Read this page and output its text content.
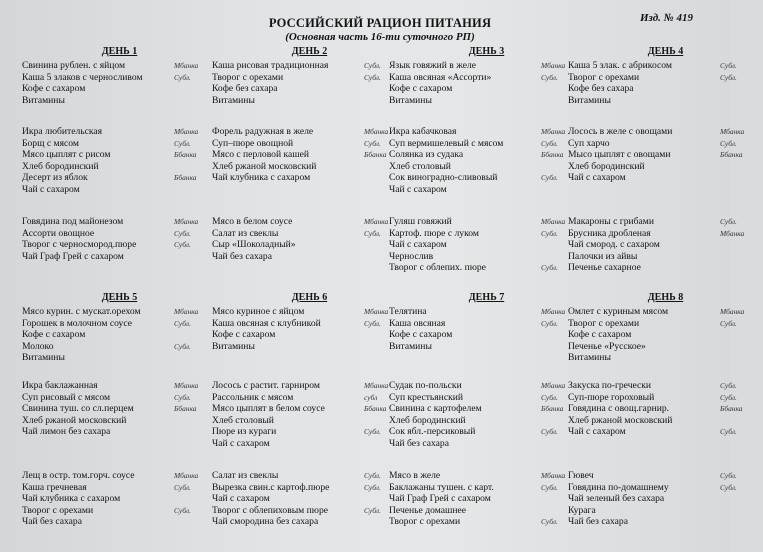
РОССИЙСКИЙ РАЦИОН ПИТАНИЯ
(Основная часть 16-ти суточного РП)
Изд. № 419
ДЕНЬ 1
Свинина рублен. с яйцом	Мбанка
Каша 5 злаков с черносливом	Субл.
Кофе с сахаром
Витамины
Икра любительская	Мбанка
Борщ с мясом	Субл.
Мясо цыплят с рисом	Ббанка
Хлеб бородинский
Десерт из яблок	Ббанка
Чай с сахаром
Говядина под майонезом	Мбанка
Ассорти овощное	Субл.
Творог с черносмород.пюре	Субл.
Чай Граф Грей с сахаром
ДЕНЬ 2
Каша рисовая традиционная	Субл.
Творог с орехами	Субл.
Кофе без сахара
Витамины
Форель радужная в желе	Мбанка
Суп–пюре овощной	Субл.
Мясо с перловой кашей	Ббанка
Хлеб ржаной московский
Чай клубника с сахаром
Мясо в белом соусе	Мбанка
Салат из свеклы	Субл.
Сыр «Шоколадный»
Чай без сахара
ДЕНЬ 3
Язык говяжий в желе	Мбанка
Каша овсяная «Ассорти»	Субл.
Кофе с сахаром
Витамины
Икра кабачковая	Мбанка
Суп вермишелевый с мясом	Субл.
Солянка из судака	Ббанка
Хлеб столовый
Сок виноградно-сливовый	Субл.
Чай с сахаром
Гуляш говяжий	Мбанка
Картоф. пюре с луком	Субл.
Чай с сахаром
Чернослив
Творог с облепих. пюре	Субл.
ДЕНЬ 4
Каша 5 злак. с абрикосом	Субл.
Творог с орехами	Субл.
Кофе без сахара
Витамины
Лосось в желе с овощами	Мбанка
Суп харчо	Субл.
Мысо цыплят с овощами	Ббанка
Хлеб бородинский
Чай с сахаром
Макароны с грибами	Субл.
Брусника дробленая	Мбанка
Чай смород. с сахаром
Палочки из айвы
Печенье сахарное
ДЕНЬ 5
Мясо курин. с мускат.орехом	Мбанка
Горошек в молочном соусе	Субл.
Кофе с сахаром
Молоко	Субл.
Витамины
Икра баклажанная	Мбанка
Суп рисовый с мясом	Субл.
Свинина туш. со сл.перцем	Ббанка
Хлеб ржаной московский
Чай лимон без сахара
Лещ в остр. том.горч. соусе	Мбанка
Каша гречневая	Субл.
Чай клубника с сахаром
Творог с орехами	Субл.
Чай без сахара
ДЕНЬ 6
Мясо куриное с яйцом	Мбанка
Каша овсяная с клубникой	Субл.
Кофе с сахаром
Витамины
Лосось с растит. гарниром	Мбанка
Рассольник с мясом	субл
Мясо цыплят в белом соусе	Ббанка
Хлеб столовый
Пюре из кураги	Субл.
Чай с сахаром
Салат из свеклы	Субл.
Вырезка свин.с картоф.пюре	Субл.
Чай с сахаром
Творог с облепиховым пюре	Субл.
Чай смородина без сахара
ДЕНЬ 7
Телятина	Мбанка
Каша овсяная	Субл.
Кофе с сахаром
Витамины
Судак по-польски	Мбанка
Суп крестьянский	Субл.
Свинина с картофелем	Ббанка
Хлеб бородинский
Сок ябл.-персиковый	Субл.
Чай без сахара
Мясо в желе	Мбанка
Баклажаны тушен. с карт.	Субл.
Чай Граф Грей с сахаром
Печенье домашнее
Творог с орехами	Субл.
ДЕНЬ 8
Омлет с куриным мясом	Мбанка
Творог с орехами	Субл.
Кофе с сахаром
Печенье «Русское»
Витамины
Закуска по-гречески	Субл.
Суп-пюре гороховый	Субл.
Говядина с овощ.гарнир.	Ббанка
Хлеб ржаной московский
Чай с сахаром	Субл.
Гювеч	Субл.
Говядина по-домашнему	Субл.
Чай зеленый без сахара
Курага
Чай без сахара
